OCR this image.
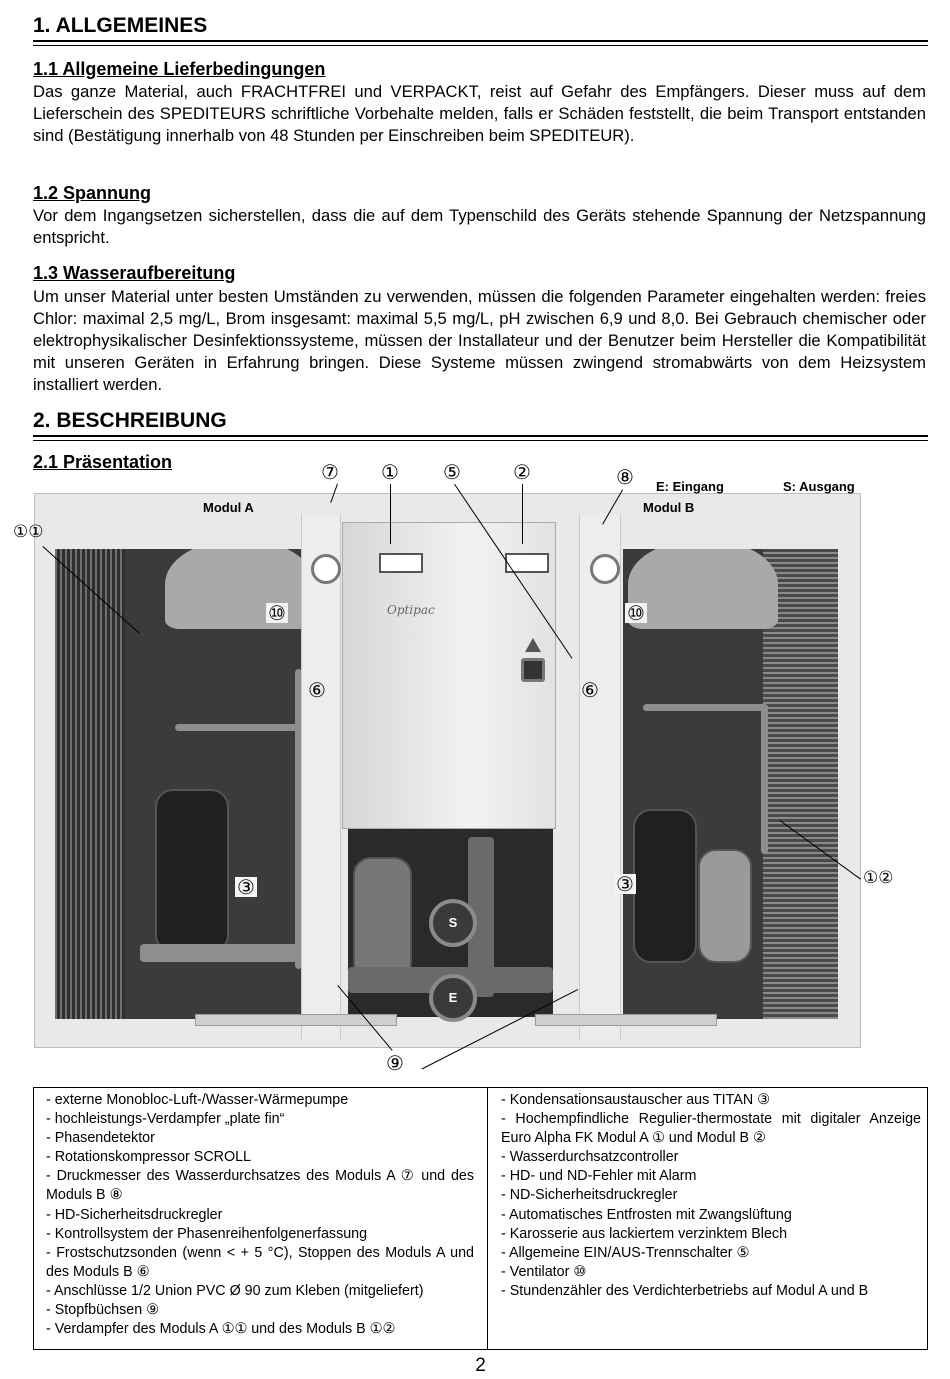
1. ALLGEMEINES
1.1 Allgemeine Lieferbedingungen
Das ganze Material, auch FRACHTFREI und VERPACKT, reist auf Gefahr des Empfängers. Dieser muss auf dem Lieferschein des SPEDITEURS schriftliche Vorbehalte melden, falls er Schäden feststellt, die beim Transport entstanden sind (Bestätigung innerhalb von 48 Stunden per Einschreiben beim SPEDITEUR).
1.2 Spannung
Vor dem Ingangsetzen sicherstellen, dass die auf dem Typenschild des Geräts stehende Spannung der Netzspannung entspricht.
1.3 Wasseraufbereitung
Um unser Material unter besten Umständen zu verwenden, müssen die folgenden Parameter eingehalten werden: freies Chlor: maximal 2,5 mg/L, Brom insgesamt: maximal 5,5 mg/L, pH zwischen 6,9 und 8,0. Bei Gebrauch chemischer oder elektrophysikalischer Desinfektionssysteme, müssen der Installateur und der Benutzer beim Hersteller die Kompatibilität mit unseren Geräten in Erfahrung bringen. Diese Systeme müssen zwingend stromabwärts von dem Heizsystem installiert werden.
2. BESCHREIBUNG
2.1 Präsentation
Optipac
S
E
Modul A	Modul B
E: Eingang	S: Ausgang
⑦ ① ⑤	②	⑧
①①
⑩	⑩
⑥	⑥
③	③	①②
⑨
- externe Monobloc-Luft-/Wasser-Wärmepumpe
- hochleistungs-Verdampfer „plate fin“
- Phasendetektor
- Rotationskompressor SCROLL
- Druckmesser des Wasserdurchsatzes des Moduls A ⑦ und des Moduls B ⑧
- HD-Sicherheitsdruckregler
- Kontrollsystem der Phasenreihenfolgenerfassung
- Frostschutzsonden (wenn < + 5 °C), Stoppen des Moduls A und des Moduls B ⑥
- Anschlüsse 1/2 Union PVC Ø 90 zum Kleben (mitgeliefert)
- Stopfbüchsen ⑨
- Verdampfer des Moduls A ①① und des Moduls B ①②
- Kondensationsaustauscher aus TITAN ③
- Hochempfindliche Regulier-thermostate mit digitaler Anzeige Euro Alpha FK Modul A ① und Modul B ②
- Wasserdurchsatzcontroller
- HD- und ND-Fehler mit Alarm
- ND-Sicherheitsdruckregler
- Automatisches Entfrosten mit Zwangslüftung
- Karosserie aus lackiertem verzinktem Blech
- Allgemeine EIN/AUS-Trennschalter ⑤
- Ventilator ⑩
- Stundenzähler des Verdichterbetriebs auf Modul A und B
2
